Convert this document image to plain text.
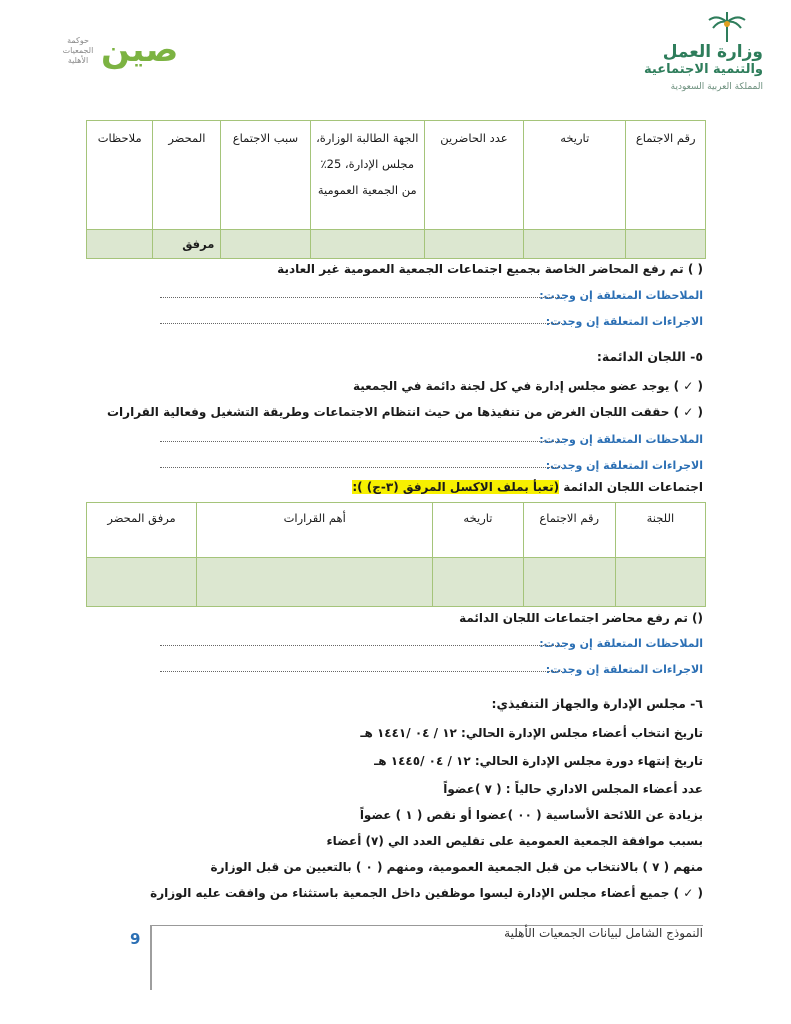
وزارة العمل
والتنمية الاجتماعية
المملكة العربية السعودية
حوكمة الجمعيات الأهلية صين
رقم الاجتماع	تاريخه	عدد الحاضرين	الجهة الطالبة الوزارة، مجلس الإدارة، 25٪ من الجمعية العمومية	سبب الاجتماع	المحضر	ملاحظات
					مرفق	
( ) تم رفع المحاضر الخاصة بجميع اجتماعات الجمعية العمومية غير العادية
الملاحظات المتعلقة إن وجدت:
الاجراءات المتعلقة إن وجدت:
٥- اللجان الدائمة:
( ✓ ) يوجد عضو مجلس إدارة في كل لجنة دائمة في الجمعية
( ✓ ) حققت اللجان الغرض من تنفيذها من حيث انتظام الاجتماعات وطريقة التشغيل وفعالية القرارات
الملاحظات المتعلقة إن وجدت:
الاجراءات المتعلقة إن وجدت:
اجتماعات اللجان الدائمة (تعبأ بملف الاكسل المرفق (٣-ج) ):
اللجنة	رقم الاجتماع	تاريخه	أهم القرارات	مرفق المحضر

() تم رفع محاضر اجتماعات اللجان الدائمة
الملاحظات المتعلقة إن وجدت:
الاجراءات المتعلقة إن وجدت:
٦- مجلس الإدارة والجهاز التنفيذي:
تاريخ انتخاب أعضاء مجلس الإدارة الحالي: ١٢ / ٠٤ /١٤٤١ هـ
تاريخ إنتهاء دورة مجلس الإدارة الحالي: ١٢ / ٠٤ /١٤٤٥ هـ
عدد أعضاء المجلس الاداري حالياً : ( ٧ )عضواً
بزيادة عن اللائحة الأساسية ( ٠٠ )عضوا أو نقص ( ١ ) عضواً
بسبب موافقة الجمعية العمومية على تقليص العدد الي (٧) أعضاء
منهم ( ٧ ) بالانتخاب من قبل الجمعية العمومية، ومنهم ( ٠ ) بالتعيين من قبل الوزارة
( ✓ ) جميع أعضاء مجلس الإدارة ليسوا موظفين داخل الجمعية باستثناء من وافقت عليه الوزارة
9	النموذج الشامل لبيانات الجمعيات الأهلية
